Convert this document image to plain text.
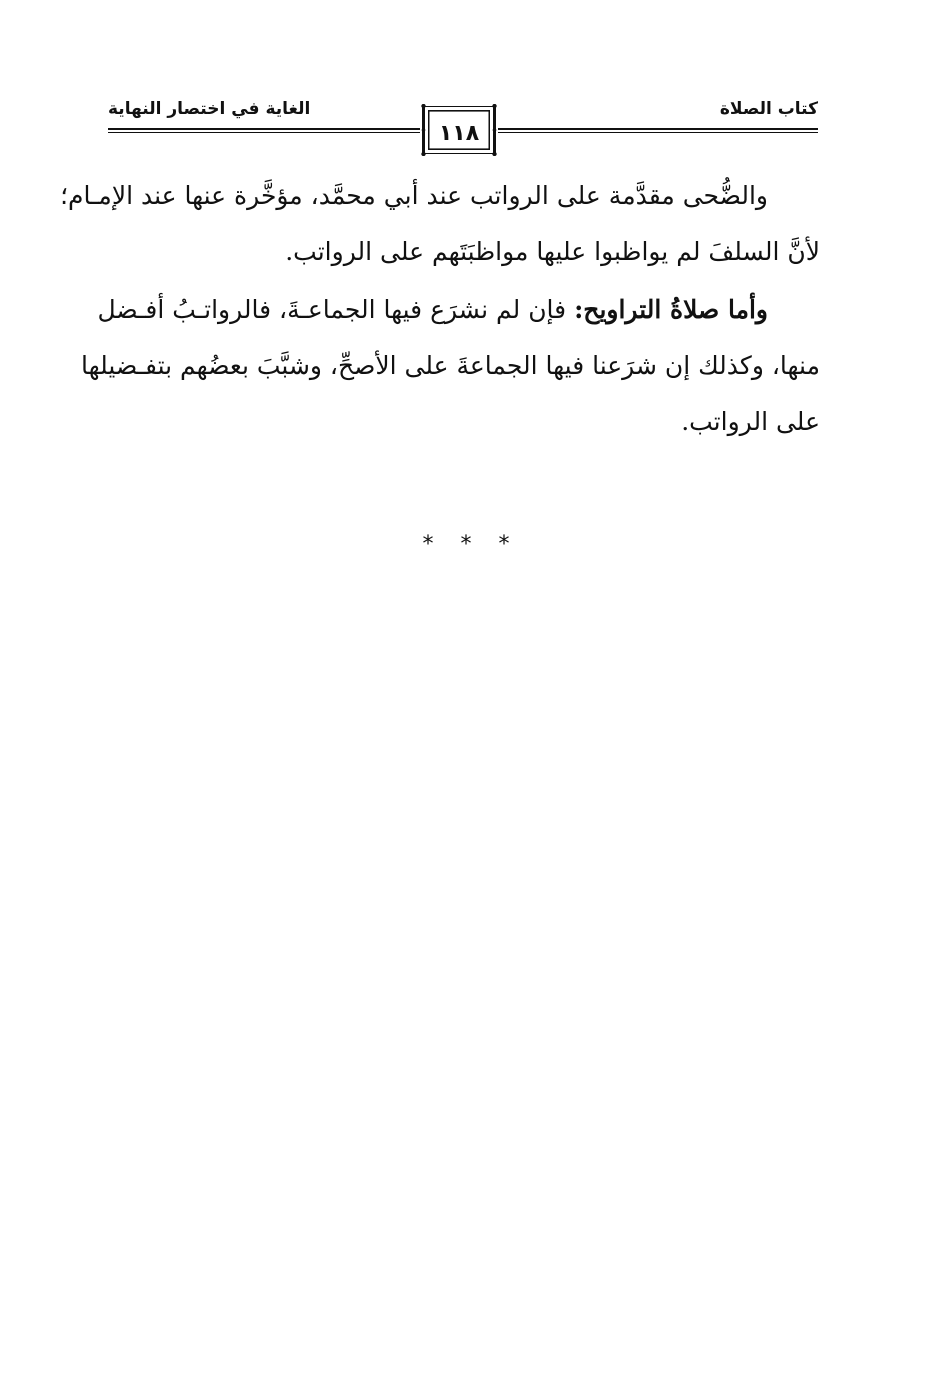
الغاية في اختصار النهاية	كتاب الصلاة
١١٨
والضُّحى مقدَّمة على الرواتب عند أبي محمَّد، مؤخَّرة عنها عند الإمـام؛
لأنَّ السلفَ لم يواظبوا عليها مواظبَتَهم على الرواتب.
وأما صلاةُ التراويح: فإن لم نشرَع فيها الجماعـةَ، فالرواتـبُ أفـضل
منها، وكذلك إن شرَعنا فيها الجماعةَ على الأصحِّ، وشبَّبَ بعضُهم بتفـضيلها
على الرواتب.
* * *
